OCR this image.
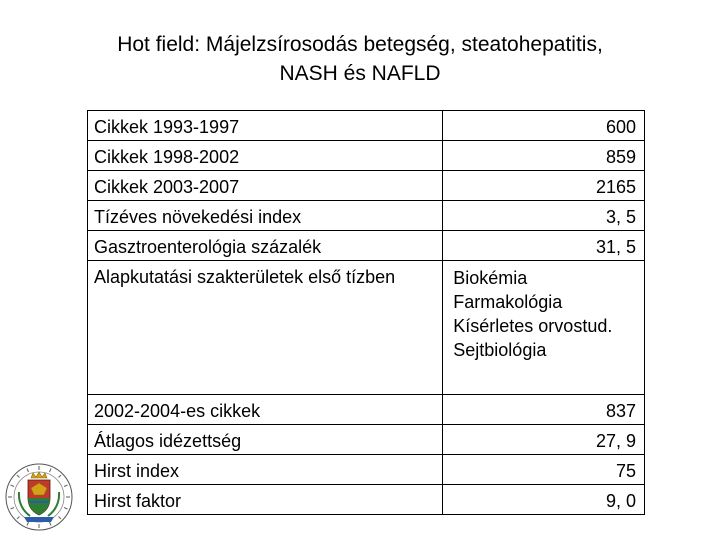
Hot field: Májelzsírosodás betegség, steatohepatitis,
NASH és NAFLD
Cikkek 1993-1997	600
Cikkek 1998-2002	859
Cikkek 2003-2007	2165
Tízéves növekedési index	3, 5
Gasztroenterológia százalék	31, 5
Alapkutatási szakterületek első tízben	Biokémia
Farmakológia
Kísérletes orvostud.
Sejtbiológia

2002-2004-es cikkek	837
Átlagos idézettség	27, 9
Hirst index	75
Hirst faktor	9, 0
